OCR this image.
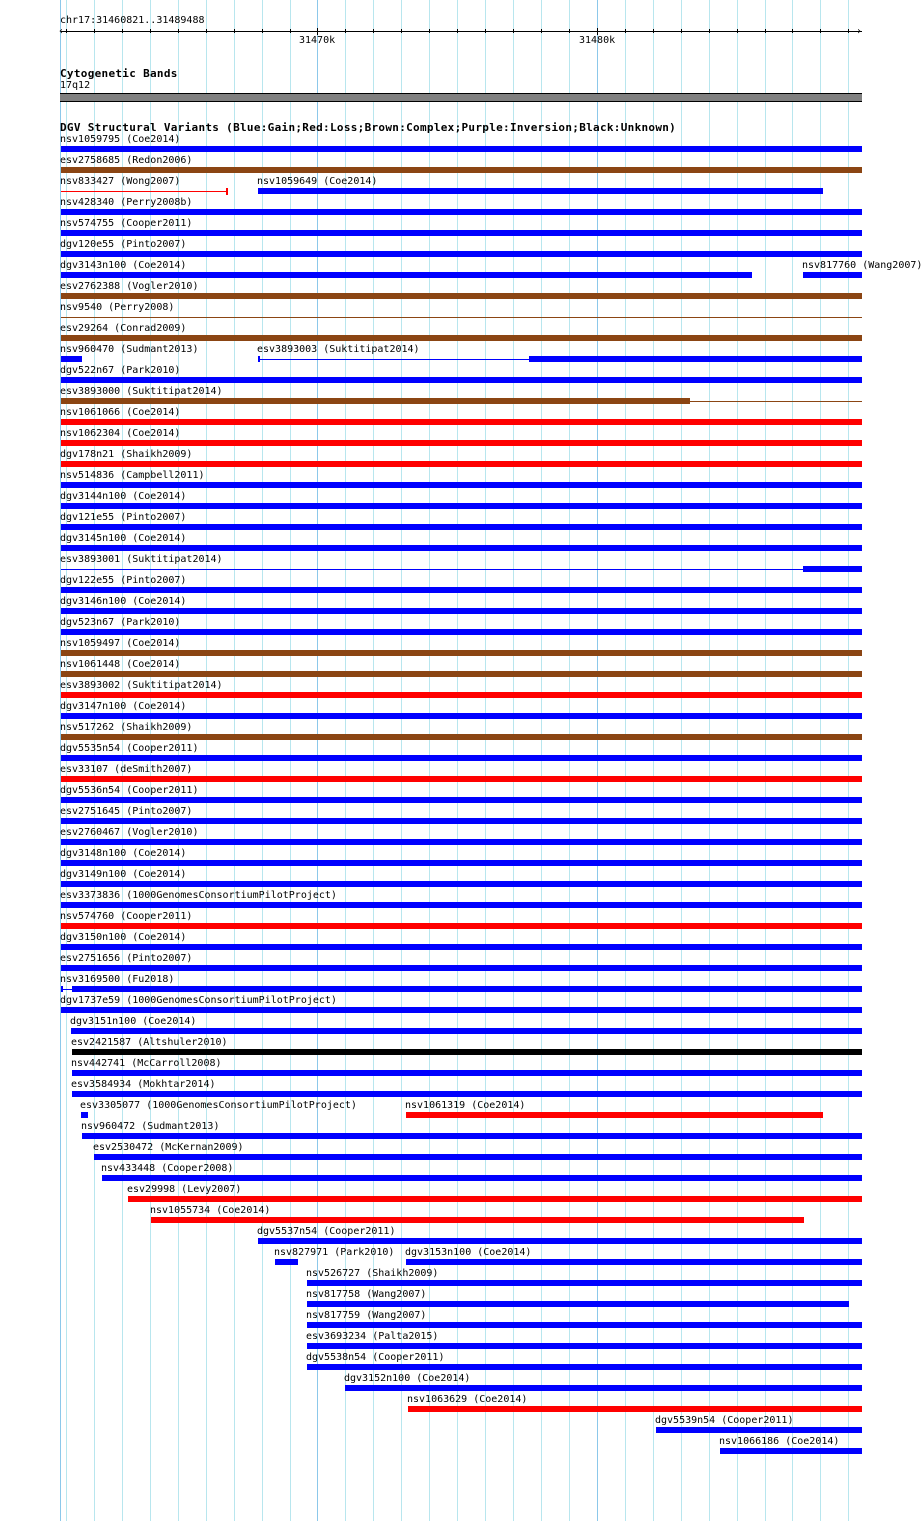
chr17:31460821..31489488
‹	›
31470k	31480k
Cytogenetic Bands
17q12
DGV Structural Variants (Blue:Gain;Red:Loss;Brown:Complex;Purple:Inversion;Black:Unknown)
nsv1059795 (Coe2014)
esv2758685 (Redon2006)
nsv833427 (Wong2007)	nsv1059649 (Coe2014)
nsv428340 (Perry2008b)
nsv574755 (Cooper2011)
dgv120e55 (Pinto2007)
dgv3143n100 (Coe2014)	nsv817760 (Wang2007)
esv2762388 (Vogler2010)
nsv9540 (Perry2008)
esv29264 (Conrad2009)
nsv960470 (Sudmant2013)	esv3893003 (Suktitipat2014)
dgv522n67 (Park2010)
esv3893000 (Suktitipat2014)
nsv1061066 (Coe2014)
nsv1062304 (Coe2014)
dgv178n21 (Shaikh2009)
nsv514836 (Campbell2011)
dgv3144n100 (Coe2014)
dgv121e55 (Pinto2007)
dgv3145n100 (Coe2014)
esv3893001 (Suktitipat2014)
dgv122e55 (Pinto2007)
dgv3146n100 (Coe2014)
dgv523n67 (Park2010)
nsv1059497 (Coe2014)
nsv1061448 (Coe2014)
esv3893002 (Suktitipat2014)
dgv3147n100 (Coe2014)
nsv517262 (Shaikh2009)
dgv5535n54 (Cooper2011)
esv33107 (deSmith2007)
dgv5536n54 (Cooper2011)
esv2751645 (Pinto2007)
esv2760467 (Vogler2010)
dgv3148n100 (Coe2014)
dgv3149n100 (Coe2014)
esv3373836 (1000GenomesConsortiumPilotProject)
nsv574760 (Cooper2011)
dgv3150n100 (Coe2014)
esv2751656 (Pinto2007)
nsv3169500 (Fu2018)
dgv1737e59 (1000GenomesConsortiumPilotProject)
dgv3151n100 (Coe2014)
esv2421587 (Altshuler2010)
nsv442741 (McCarroll2008)
esv3584934 (Mokhtar2014)
esv3305077 (1000GenomesConsortiumPilotProject)	nsv1061319 (Coe2014)
nsv960472 (Sudmant2013)
esv2530472 (McKernan2009)
nsv433448 (Cooper2008)
esv29998 (Levy2007)
nsv1055734 (Coe2014)
dgv5537n54 (Cooper2011)
nsv827971 (Park2010) dgv3153n100 (Coe2014)
nsv526727 (Shaikh2009)
nsv817758 (Wang2007)
nsv817759 (Wang2007)
esv3693234 (Palta2015)
dgv5538n54 (Cooper2011)
dgv3152n100 (Coe2014)
nsv1063629 (Coe2014)
dgv5539n54 (Cooper2011)
nsv1066186 (Coe2014)
